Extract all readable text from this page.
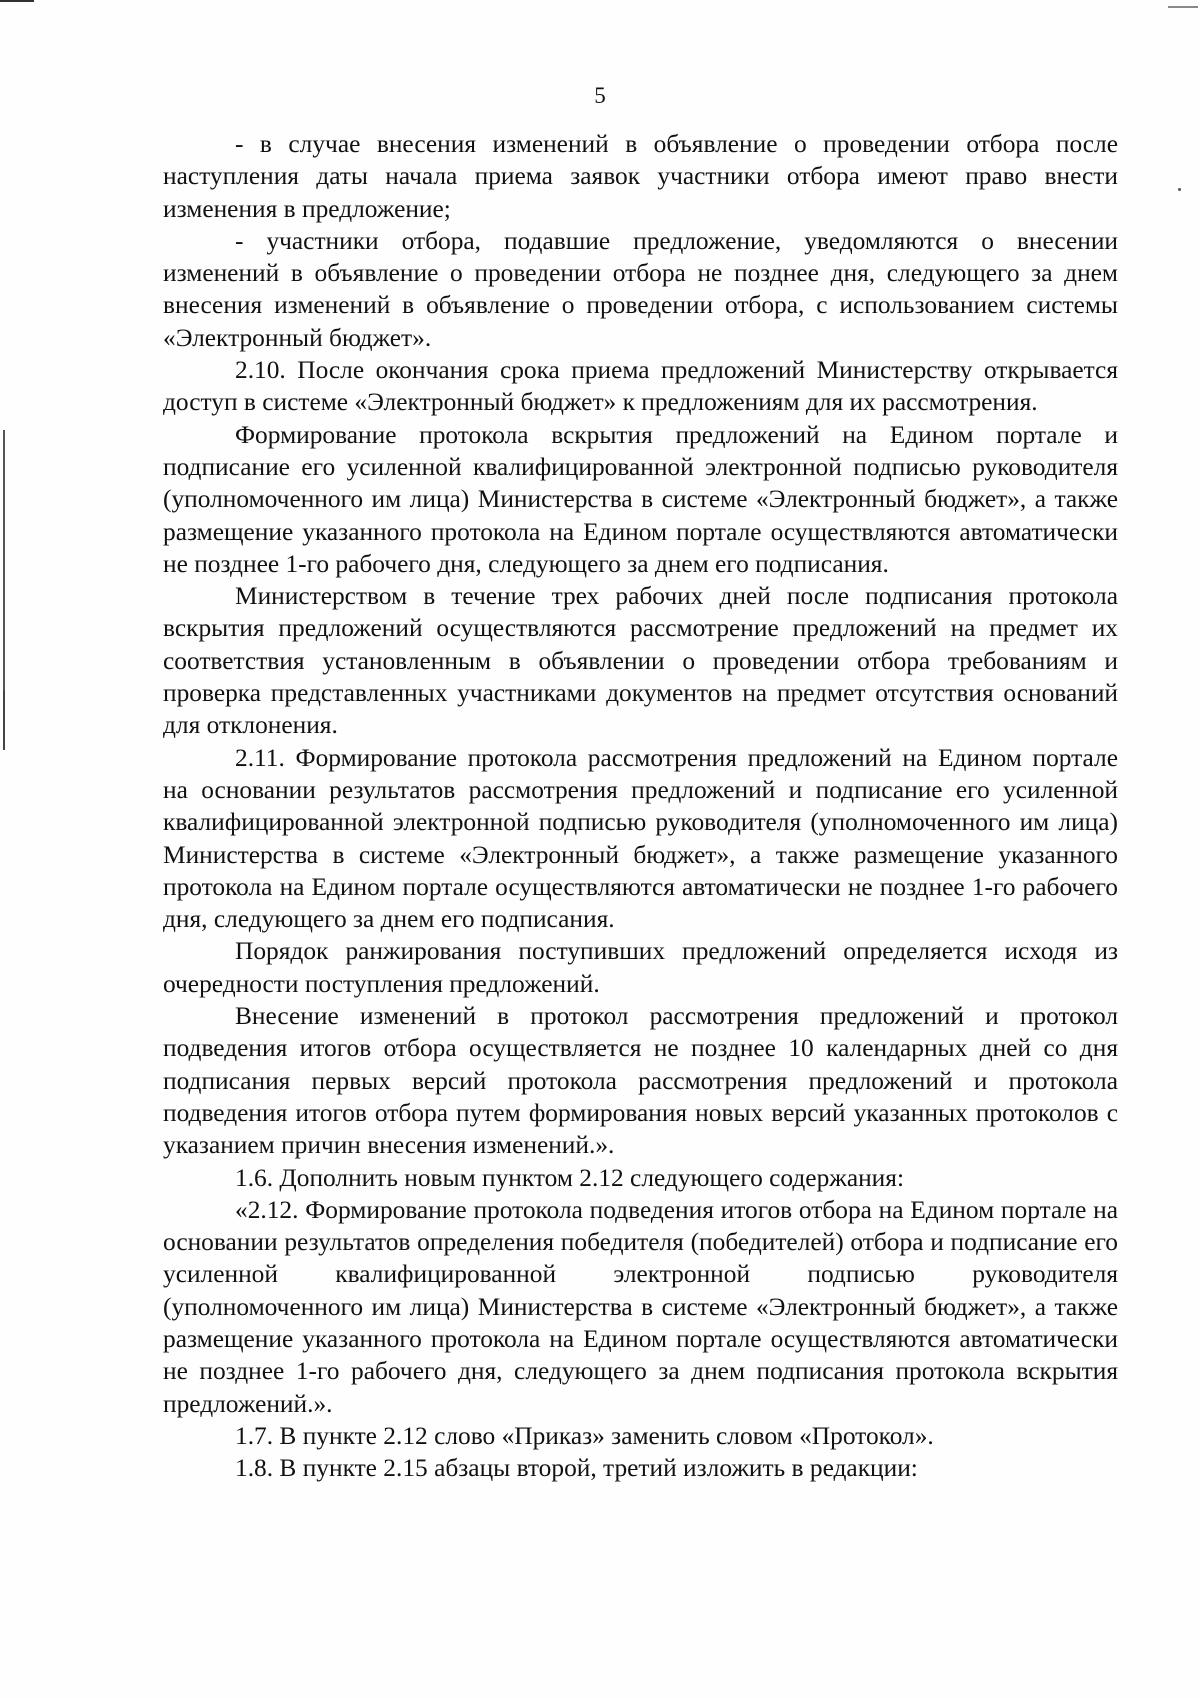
5

- в случае внесения изменений в объявление о проведении отбора после наступления даты начала приема заявок участники отбора имеют право внести изменения в предложение;

- участники отбора, подавшие предложение, уведомляются о внесении изменений в объявление о проведении отбора не позднее дня, следующего за днем внесения изменений в объявление о проведении отбора, с использованием системы «Электронный бюджет».

2.10. После окончания срока приема предложений Министерству открывается доступ в системе «Электронный бюджет» к предложениям для их рассмотрения.

Формирование протокола вскрытия предложений на Едином портале и подписание его усиленной квалифицированной электронной подписью руководителя (уполномоченного им лица) Министерства в системе «Электронный бюджет», а также размещение указанного протокола на Едином портале осуществляются автоматически не позднее 1-го рабочего дня, следующего за днем его подписания.

Министерством в течение трех рабочих дней после подписания протокола вскрытия предложений осуществляются рассмотрение предложений на предмет их соответствия установленным в объявлении о проведении отбора требованиям и проверка представленных участниками документов на предмет отсутствия оснований для отклонения.

2.11. Формирование протокола рассмотрения предложений на Едином портале на основании результатов рассмотрения предложений и подписание его усиленной квалифицированной электронной подписью руководителя (уполномоченного им лица) Министерства в системе «Электронный бюджет», а также размещение указанного протокола на Едином портале осуществляются автоматически не позднее 1-го рабочего дня, следующего за днем его подписания.

Порядок ранжирования поступивших предложений определяется исходя из очередности поступления предложений.

Внесение изменений в протокол рассмотрения предложений и протокол подведения итогов отбора осуществляется не позднее 10 календарных дней со дня подписания первых версий протокола рассмотрения предложений и протокола подведения итогов отбора путем формирования новых версий указанных протоколов с указанием причин внесения изменений.».

1.6. Дополнить новым пунктом 2.12 следующего содержания:

«2.12. Формирование протокола подведения итогов отбора на Едином портале на основании результатов определения победителя (победителей) отбора и подписание его усиленной квалифицированной электронной подписью руководителя (уполномоченного им лица) Министерства в системе «Электронный бюджет», а также размещение указанного протокола на Едином портале осуществляются автоматически не позднее 1-го рабочего дня, следующего за днем подписания протокола вскрытия предложений.».

1.7. В пункте 2.12 слово «Приказ» заменить словом «Протокол».

1.8. В пункте 2.15 абзацы второй, третий изложить в редакции:
